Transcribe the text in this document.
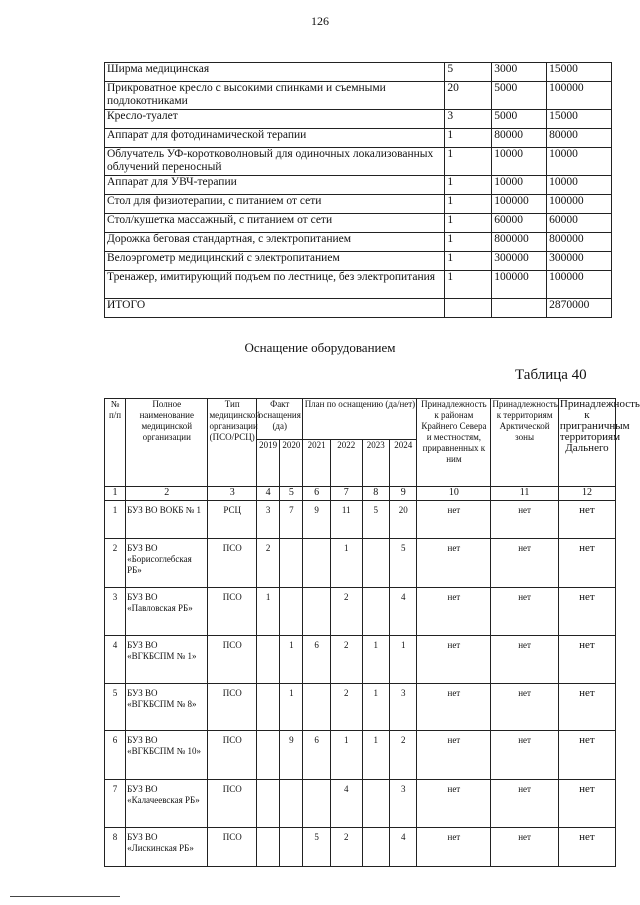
126
Ширма медицинская	5	3000	15000
Прикроватное кресло с высокими спинками и съемными подлокотниками	20	5000	100000
Кресло-туалет	3	5000	15000
Аппарат для фотодинамической терапии	1	80000	80000
Облучатель УФ-коротковолновый для одиночных локализованных облучений переносный	1	10000	10000
Аппарат для УВЧ-терапии	1	10000	10000
Стол для физиотерапии, с питанием от сети	1	100000	100000
Стол/кушетка массажный, с питанием от сети	1	60000	60000
Дорожка беговая стандартная, с электропитанием	1	800000	800000
Велоэргометр медицинский с электропитанием	1	300000	300000
Тренажер, имитирующий подъем по лестнице, без электропитания	1	100000	100000
ИТОГО			2870000
Оснащение оборудованием
Таблица 40
№ п/п	Полное наименование медицинской организации	Тип медицинской организации (ПСО/РСЦ)	Факт оснащения (да)		План по оснащению (да/нет)				Принадлежность к районам Крайнего Севера и местностям, приравненных к ним	Принадлежность к территориям Арктической зоны	Принадлежность к приграничным территориям Дальнего
			2019	2020	2021	2022	2023	2024			
1	2	3	4	5	6	7	8	9	10	11	12
1	БУЗ ВО ВОКБ № 1	РСЦ	3	7	9	11	5	20	нет	нет	нет
2	БУЗ ВО «Борисоглебская РБ»	ПСО	2			1		5	нет	нет	нет
3	БУЗ ВО «Павловская РБ»	ПСО	1			2		4	нет	нет	нет
4	БУЗ ВО «ВГКБСПМ № 1»	ПСО		1	6	2	1	1	нет	нет	нет
5	БУЗ ВО «ВГКБСПМ № 8»	ПСО		1		2	1	3	нет	нет	нет
6	БУЗ ВО «ВГКБСПМ № 10»	ПСО		9	6	1	1	2	нет	нет	нет
7	БУЗ ВО «Калачеевская РБ»	ПСО				4		3	нет	нет	нет
8	БУЗ ВО «Лискинская РБ»	ПСО			5	2		4	нет	нет	нет
